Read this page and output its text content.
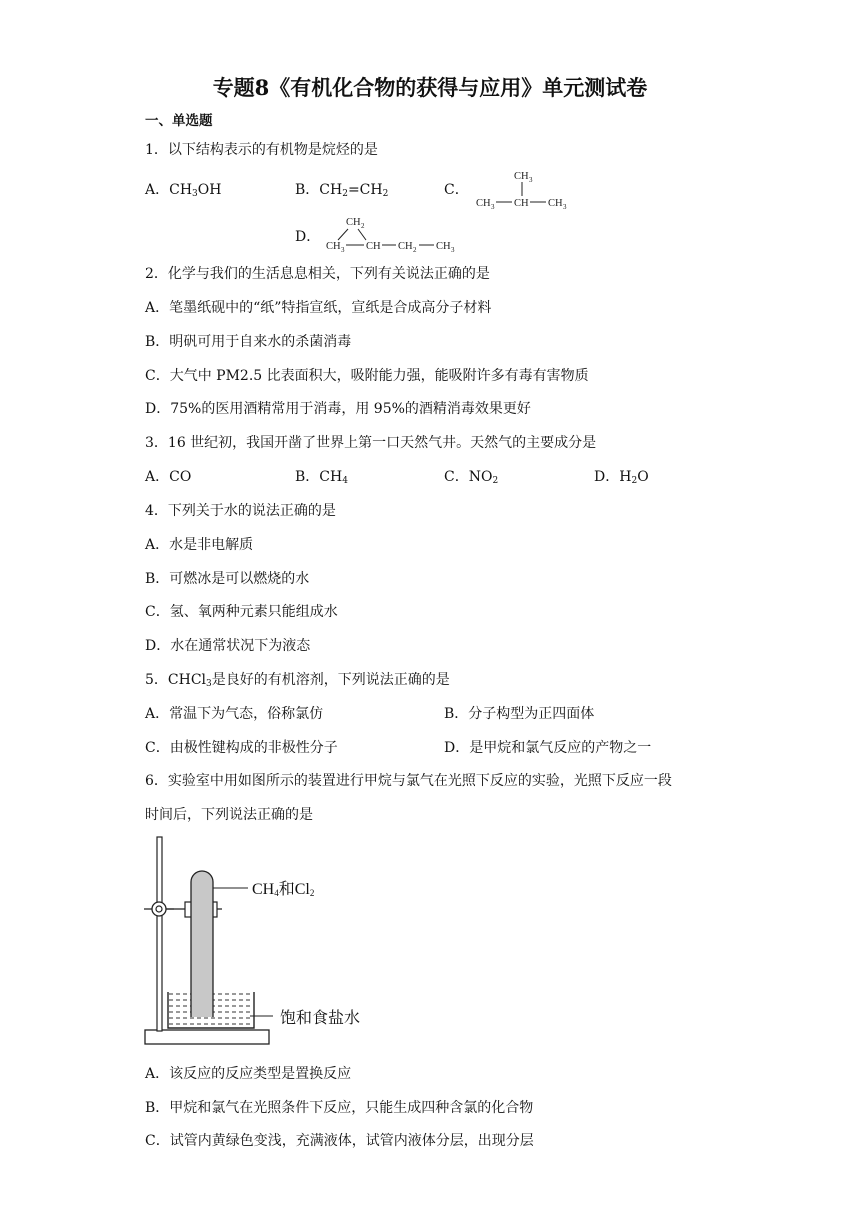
专题8《有机化合物的获得与应用》单元测试卷
一、单选题
1．以下结构表示的有机物是烷烃的是
A．$CH_3OH$	B．$CH_2=CH_2$	C．
CH 3
CH 3 CH CH 3
D．
CH 2
CH 3 CH CH 2 CH 3
2．化学与我们的生活息息相关，下列有关说法正确的是
A．笔墨纸砚中的“纸”特指宣纸，宣纸是合成高分子材料
B．明矾可用于自来水的杀菌消毒
C．大气中 PM2.5 比表面积大，吸附能力强，能吸附许多有毒有害物质
D．75%的医用酒精常用于消毒，用 95%的酒精消毒效果更好
3．16 世纪初，我国开凿了世界上第一口天然气井。天然气的主要成分是
A．CO	B．$CH_4$	C．$NO_2$	D．$H_2O$
4．下列关于水的说法正确的是
A．水是非电解质
B．可燃冰是可以燃烧的水
C．氢、氧两种元素只能组成水
D．水在通常状况下为液态
5．CHCl$_3$是良好的有机溶剂，下列说法正确的是
A．常温下为气态，俗称氯仿	B．分子构型为正四面体
C．由极性键构成的非极性分子	D．是甲烷和氯气反应的产物之一
6．实验室中用如图所示的装置进行甲烷与氯气在光照下反应的实验，光照下反应一段
时间后，下列说法正确的是
$CH_4$和$Cl_2$
饱和食盐水
A．该反应的反应类型是置换反应
B．甲烷和氯气在光照条件下反应，只能生成四种含氯的化合物
C．试管内黄绿色变浅，充满液体，试管内液体分层，出现分层
